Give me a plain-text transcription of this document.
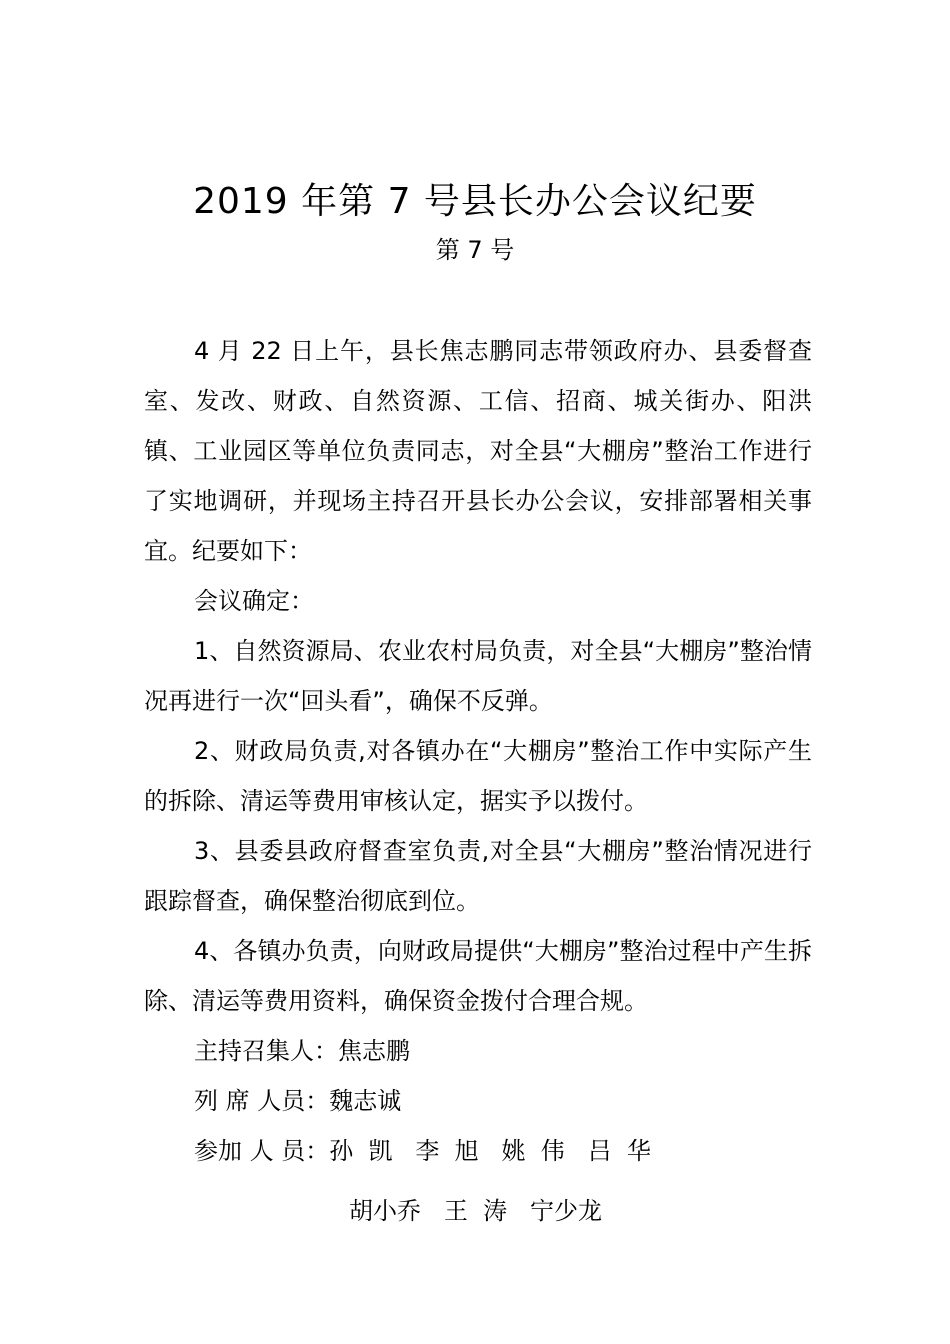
2019 年第 7 号县长办公会议纪要
第 7 号

4 月 22 日上午，县长焦志鹏同志带领政府办、县委督查室、发改、财政、自然资源、工信、招商、城关街办、阳洪镇、工业园区等单位负责同志，对全县“大棚房”整治工作进行了实地调研，并现场主持召开县长办公会议，安排部署相关事宜。纪要如下：

会议确定：

1、自然资源局、农业农村局负责，对全县“大棚房”整治情况再进行一次“回头看”，确保不反弹。

2、财政局负责,对各镇办在“大棚房”整治工作中实际产生的拆除、清运等费用审核认定，据实予以拨付。

3、县委县政府督查室负责,对全县“大棚房”整治情况进行跟踪督查，确保整治彻底到位。

4、各镇办负责，向财政局提供“大棚房”整治过程中产生拆除、清运等费用资料，确保资金拨付合理合规。

主持召集人：焦志鹏
列 席 人员：魏志诚
参加 人 员：孙  凯   李  旭   姚  伟   吕  华
胡小乔   王  涛   宁少龙
